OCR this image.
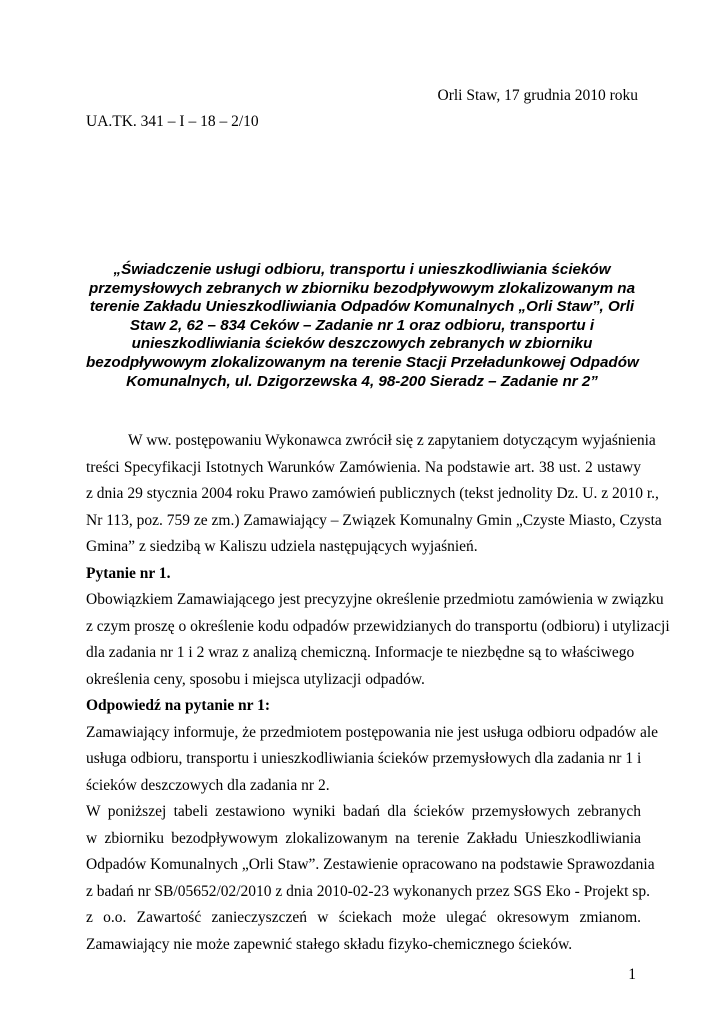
Orli Staw, 17 grudnia 2010 roku
UA.TK. 341 – I – 18 – 2/10
„Świadczenie usługi odbioru, transportu i unieszkodliwiania ścieków
przemysłowych zebranych w zbiorniku bezodpływowym zlokalizowanym na
terenie Zakładu Unieszkodliwiania Odpadów Komunalnych „Orli Staw”, Orli
Staw 2, 62 – 834 Ceków – Zadanie nr 1 oraz odbioru, transportu i
unieszkodliwiania ścieków deszczowych zebranych w zbiorniku
bezodpływowym zlokalizowanym na terenie Stacji Przeładunkowej Odpadów
Komunalnych, ul. Dzigorzewska 4, 98-200 Sieradz – Zadanie nr 2”
W ww. postępowaniu Wykonawca zwrócił się z zapytaniem dotyczącym wyjaśnienia
treści Specyfikacji Istotnych Warunków Zamówienia. Na podstawie art. 38 ust. 2 ustawy
z dnia 29 stycznia 2004 roku Prawo zamówień publicznych (tekst jednolity Dz. U. z 2010 r.,
Nr 113, poz. 759 ze zm.) Zamawiający – Związek Komunalny Gmin „Czyste Miasto, Czysta
Gmina” z siedzibą w Kaliszu udziela następujących wyjaśnień.
Pytanie nr 1.
Obowiązkiem Zamawiającego jest precyzyjne określenie przedmiotu zamówienia w związku
z czym proszę o określenie kodu odpadów przewidzianych do transportu (odbioru) i utylizacji
dla zadania nr 1 i 2 wraz z analizą chemiczną. Informacje te niezbędne są to właściwego
określenia ceny, sposobu i miejsca utylizacji odpadów.
Odpowiedź na pytanie nr 1:
Zamawiający informuje, że przedmiotem postępowania nie jest usługa odbioru odpadów ale
usługa odbioru, transportu i unieszkodliwiania ścieków przemysłowych dla zadania nr 1 i
ścieków deszczowych dla zadania nr 2.
W poniższej tabeli zestawiono wyniki badań dla ścieków przemysłowych zebranych
w zbiorniku bezodpływowym zlokalizowanym na terenie Zakładu Unieszkodliwiania
Odpadów Komunalnych „Orli Staw”. Zestawienie opracowano na podstawie Sprawozdania
z badań nr SB/05652/02/2010 z dnia 2010-02-23 wykonanych przez SGS Eko - Projekt sp.
z o.o. Zawartość zanieczyszczeń w ściekach może ulegać okresowym zmianom.
Zamawiający nie może zapewnić stałego składu fizyko-chemicznego ścieków.
1
